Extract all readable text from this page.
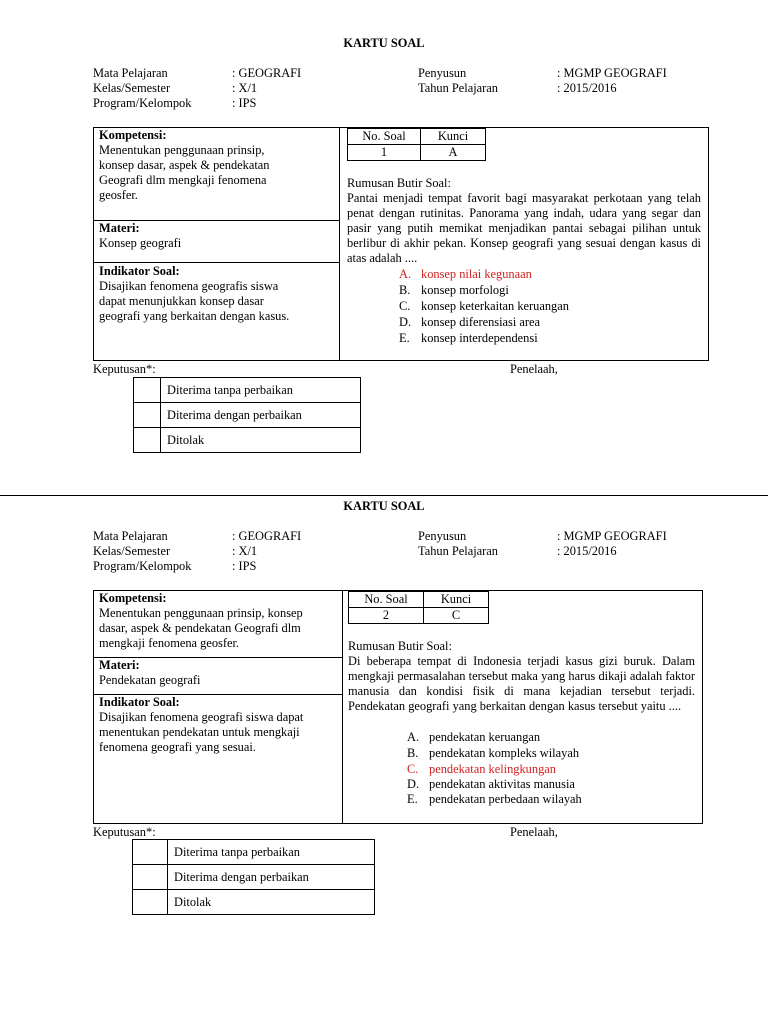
KARTU SOAL
Mata Pelajaran	: GEOGRAFI
Kelas/Semester	: X/1
Program/Kelompok	: IPS
Penyusun	: MGMP GEOGRAFI
Tahun Pelajaran	: 2015/2016
Kompetensi:
Menentukan penggunaan prinsip,
konsep dasar, aspek & pendekatan
Geografi dlm mengkaji fenomena
geosfer.
Materi:
Konsep geografi
Indikator Soal:
Disajikan fenomena geografis siswa
dapat menunjukkan konsep dasar
geografi yang berkaitan dengan kasus.
No. Soal	Kunci
1	A
Rumusan Butir Soal:
Pantai menjadi tempat favorit bagi masyarakat perkotaan yang telah penat dengan rutinitas. Panorama yang indah, udara yang segar dan pasir yang putih memikat menjadikan pantai sebagai pilihan untuk berlibur di akhir pekan. Konsep geografi yang sesuai dengan kasus di atas adalah ....
A. konsep nilai kegunaan
B. konsep morfologi
C. konsep keterkaitan keruangan
D. konsep diferensiasi area
E. konsep interdependensi
Keputusan*:	Penelaah,
	Diterima tanpa perbaikan
	Diterima dengan perbaikan
	Ditolak
KARTU SOAL
Mata Pelajaran	: GEOGRAFI
Kelas/Semester	: X/1
Program/Kelompok	: IPS
Penyusun	: MGMP GEOGRAFI
Tahun Pelajaran	: 2015/2016
Kompetensi:
Menentukan penggunaan prinsip, konsep
dasar, aspek & pendekatan Geografi dlm
mengkaji fenomena geosfer.
Materi:
Pendekatan geografi
Indikator Soal:
Disajikan fenomena geografi siswa dapat
menentukan pendekatan untuk mengkaji
fenomena geografi yang sesuai.
No. Soal	Kunci
2	C
Rumusan Butir Soal:
Di beberapa tempat di Indonesia terjadi kasus gizi buruk. Dalam mengkaji permasalahan tersebut maka yang harus dikaji adalah faktor manusia dan kondisi fisik di mana kejadian tersebut terjadi. Pendekatan geografi yang berkaitan dengan kasus tersebut yaitu ....
A. pendekatan keruangan
B. pendekatan kompleks wilayah
C. pendekatan kelingkungan
D. pendekatan aktivitas manusia
E. pendekatan perbedaan wilayah
Keputusan*:	Penelaah,
	Diterima tanpa perbaikan
	Diterima dengan perbaikan
	Ditolak
